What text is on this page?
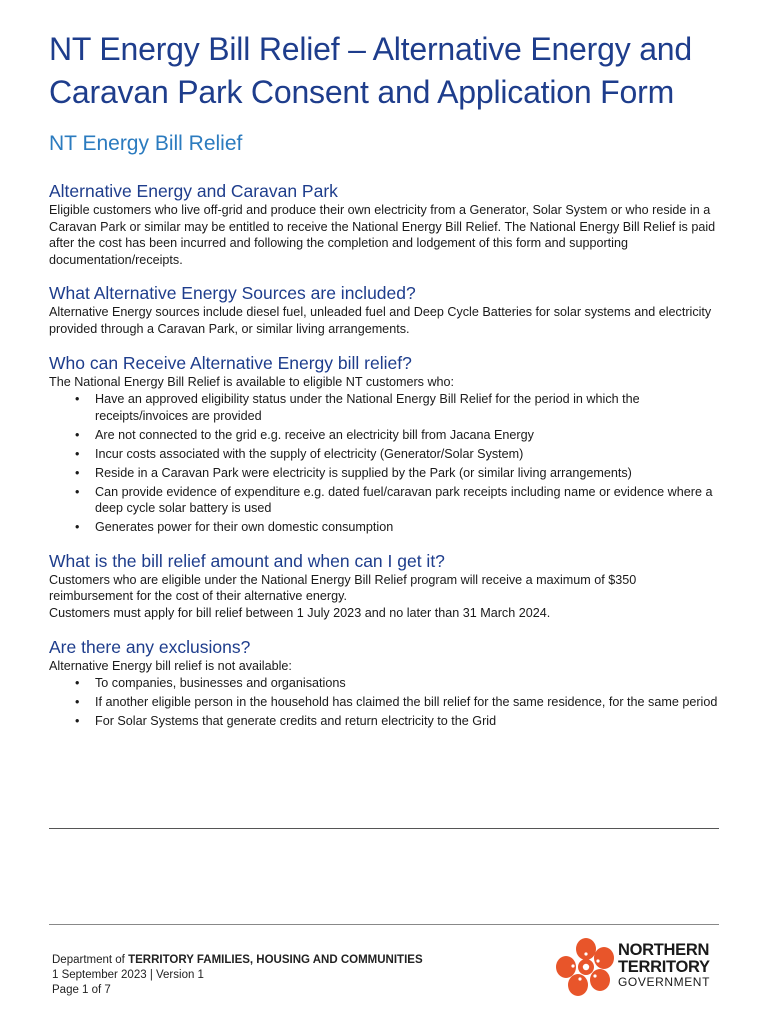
NT Energy Bill Relief – Alternative Energy and Caravan Park Consent and Application Form
NT Energy Bill Relief
Alternative Energy and Caravan Park

Eligible customers who live off-grid and produce their own electricity from a Generator, Solar System or who reside in a Caravan Park or similar may be entitled to receive the National Energy Bill Relief. The National Energy Bill Relief is paid after the cost has been incurred and following the completion and lodgement of this form and supporting documentation/receipts.

What Alternative Energy Sources are included?

Alternative Energy sources include diesel fuel, unleaded fuel and Deep Cycle Batteries for solar systems and electricity provided through a Caravan Park, or similar living arrangements.

Who can Receive Alternative Energy bill relief?

The National Energy Bill Relief is available to eligible NT customers who:

• Have an approved eligibility status under the National Energy Bill Relief for the period in which the receipts/invoices are provided
• Are not connected to the grid e.g. receive an electricity bill from Jacana Energy
• Incur costs associated with the supply of electricity (Generator/Solar System)
• Reside in a Caravan Park were electricity is supplied by the Park (or similar living arrangements)
• Can provide evidence of expenditure e.g. dated fuel/caravan park receipts including name or evidence where a deep cycle solar battery is used
• Generates power for their own domestic consumption
What is the bill relief amount and when can I get it?

Customers who are eligible under the National Energy Bill Relief program will receive a maximum of $350 reimbursement for the cost of their alternative energy.

Customers must apply for bill relief between 1 July 2023 and no later than 31 March 2024.

Are there any exclusions?

Alternative Energy bill relief is not available:

• To companies, businesses and organisations
• If another eligible person in the household has claimed the bill relief for the same residence, for the same period
• For Solar Systems that generate credits and return electricity to the Grid
Department of TERRITORY FAMILIES, HOUSING AND COMMUNITIES
1 September 2023 | Version 1
Page 1 of 7
NORTHERN
TERRITORY
GOVERNMENT
